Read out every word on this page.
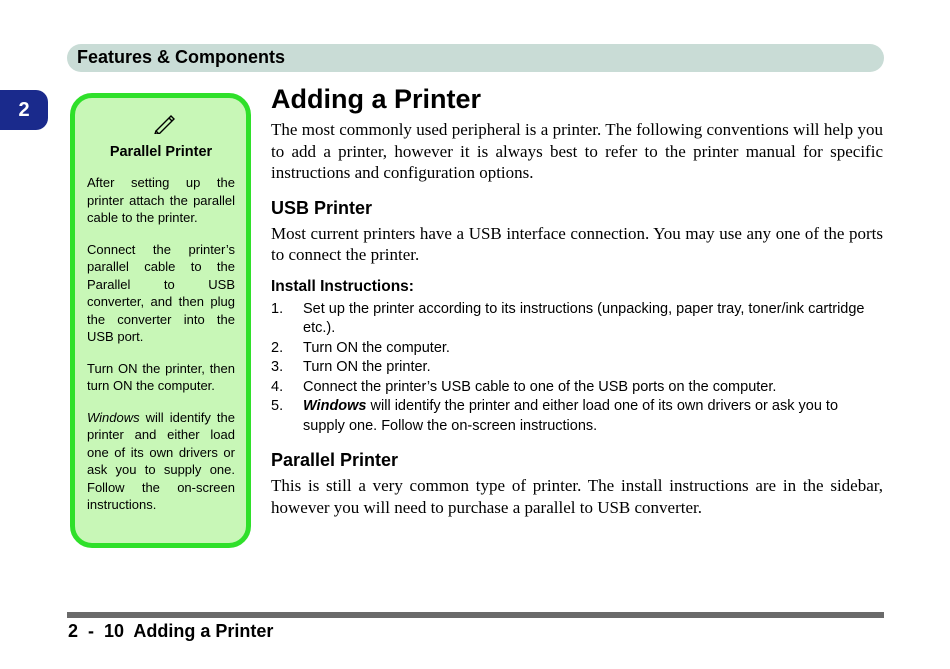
Features & Components
2
Parallel Printer

After setting up the printer attach the parallel cable to the printer.

Connect the printer’s parallel cable to the Parallel to USB converter, and then plug the converter into the USB port.

Turn ON the printer, then turn ON the computer.

Windows will identify the printer and either load one of its own drivers or ask you to supply one. Follow the on-screen instructions.

Adding a Printer

The most commonly used peripheral is a printer. The following conventions will help you to add a printer, however it is always best to refer to the printer manual for specific instructions and configuration options.

USB Printer

Most current printers have a USB interface connection. You may use any one of the ports to connect the printer.

Install Instructions:
1. Set up the printer according to its instructions (unpacking, paper tray, toner/ink cartridge etc.).
2. Turn ON the computer.
3. Turn ON the printer.
4. Connect the printer’s USB cable to one of the USB ports on the computer.
5. Windows will identify the printer and either load one of its own drivers or ask you to supply one. Follow the on-screen instructions.
Parallel Printer

This is still a very common type of printer. The install instructions are in the sidebar, however you will need to purchase a parallel to USB converter.

2  -  10  Adding a Printer
